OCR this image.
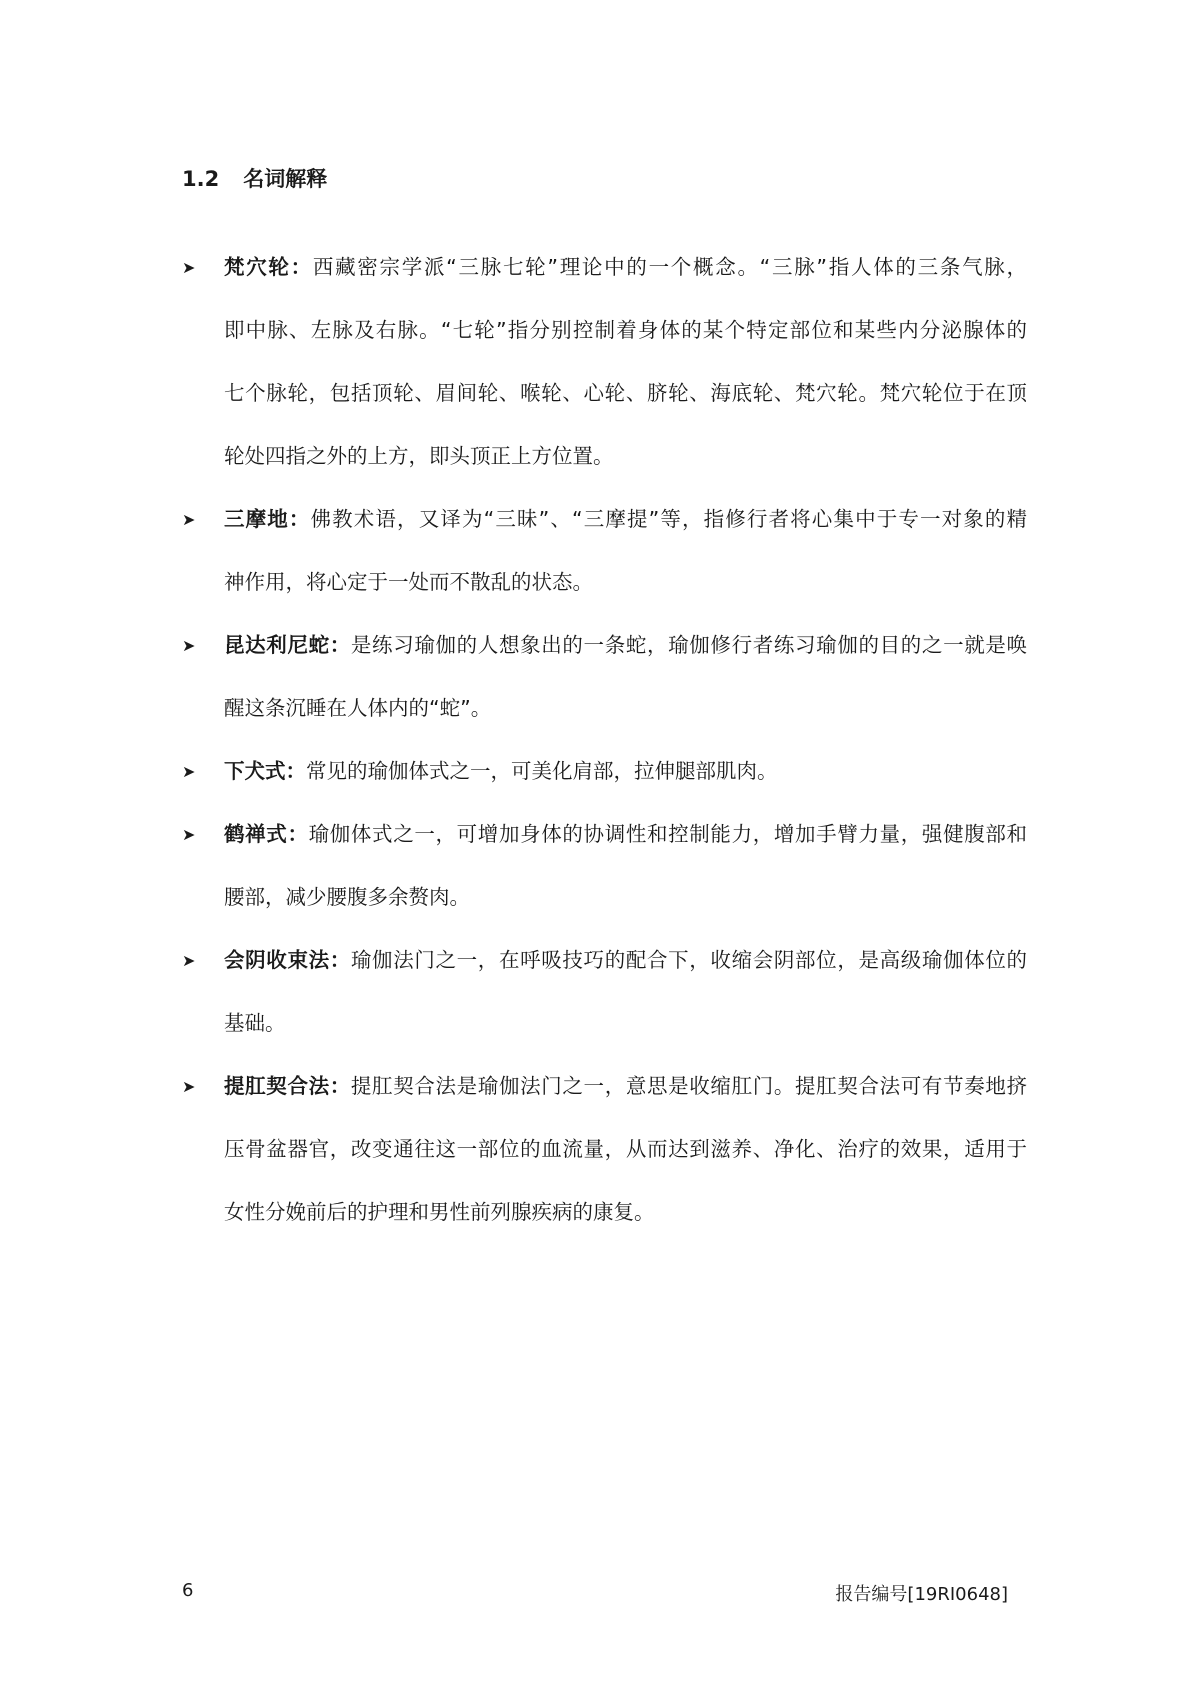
1.2 名词解释
➤ 梵穴轮：西藏密宗学派“三脉七轮”理论中的一个概念。“三脉”指人体的三条气脉，
即中脉、左脉及右脉。“七轮”指分别控制着身体的某个特定部位和某些内分泌腺体的
七个脉轮，包括顶轮、眉间轮、喉轮、心轮、脐轮、海底轮、梵穴轮。梵穴轮位于在顶
轮处四指之外的上方，即头顶正上方位置。
➤ 三摩地：佛教术语，又译为“三昧”、“三摩提”等，指修行者将心集中于专一对象的精
神作用，将心定于一处而不散乱的状态。
➤ 昆达利尼蛇：是练习瑜伽的人想象出的一条蛇，瑜伽修行者练习瑜伽的目的之一就是唤
醒这条沉睡在人体内的“蛇”。
➤ 下犬式：常见的瑜伽体式之一，可美化肩部，拉伸腿部肌肉。
➤ 鹤禅式：瑜伽体式之一，可增加身体的协调性和控制能力，增加手臂力量，强健腹部和
腰部，减少腰腹多余赘肉。
➤ 会阴收束法：瑜伽法门之一，在呼吸技巧的配合下，收缩会阴部位，是高级瑜伽体位的
基础。
➤ 提肛契合法：提肛契合法是瑜伽法门之一，意思是收缩肛门。提肛契合法可有节奏地挤
压骨盆器官，改变通往这一部位的血流量，从而达到滋养、净化、治疗的效果，适用于
女性分娩前后的护理和男性前列腺疾病的康复。
6	报告编号[19RI0648]
